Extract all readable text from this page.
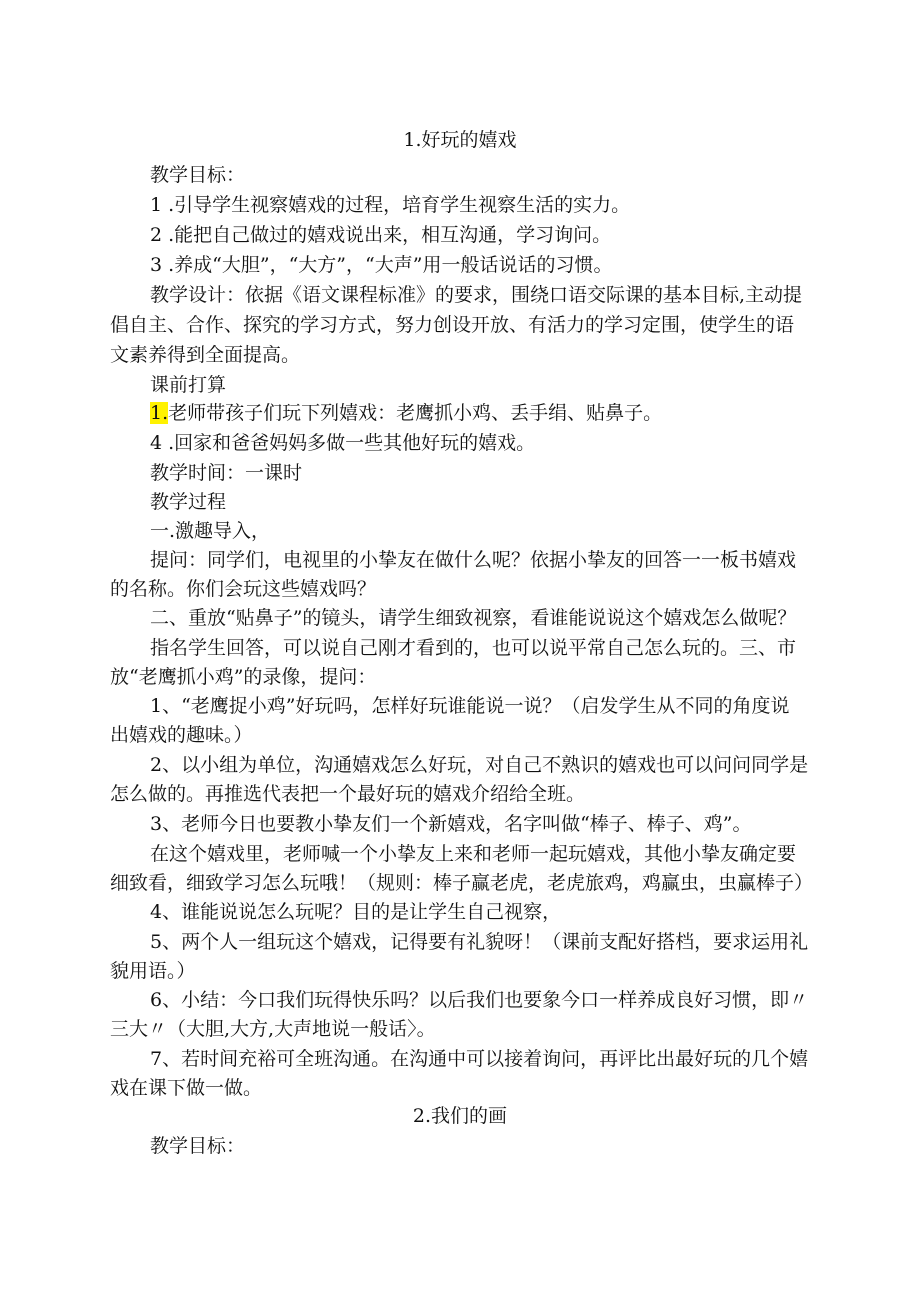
1.好玩的嬉戏
教学目标：
1 .引导学生视察嬉戏的过程，培育学生视察生活的实力。
2 .能把自己做过的嬉戏说出来，相互沟通，学习询问。
3 .养成“大胆”，“大方”，“大声”用一般话说话的习惯。
教学设计：依据《语文课程标准》的要求，围绕口语交际课的基本目标,主动提
倡自主、合作、探究的学习方式，努力创设开放、有活力的学习定围，使学生的语
文素养得到全面提高。
课前打算
1.老师带孩子们玩下列嬉戏：老鹰抓小鸡、丢手绢、贴鼻子。
4 .回家和爸爸妈妈多做一些其他好玩的嬉戏。
教学时间：一课时
教学过程
一.激趣导入，
提问：同学们，电视里的小挚友在做什么呢？依据小挚友的回答一一板书嬉戏
的名称。你们会玩这些嬉戏吗？
二、重放“贴鼻子”的镜头，请学生细致视察，看谁能说说这个嬉戏怎么做呢？
指名学生回答，可以说自己刚才看到的，也可以说平常自己怎么玩的。三、市
放“老鹰抓小鸡”的录像，提问：
1、“老鹰捉小鸡”好玩吗，怎样好玩谁能说一说？（启发学生从不同的角度说
出嬉戏的趣味。）
2、以小组为单位，沟通嬉戏怎么好玩，对自己不熟识的嬉戏也可以问问同学是
怎么做的。再推选代表把一个最好玩的嬉戏介绍给全班。
3、老师今日也要教小挚友们一个新嬉戏，名字叫做“棒子、棒子、鸡”。
在这个嬉戏里，老师喊一个小挚友上来和老师一起玩嬉戏，其他小挚友确定要
细致看，细致学习怎么玩哦！（规则：棒子赢老虎，老虎旅鸡，鸡赢虫，虫赢棒子）
4、谁能说说怎么玩呢？目的是让学生自己视察，
5、两个人一组玩这个嬉戏，记得要有礼貌呀！（课前支配好搭档，要求运用礼
貌用语。）
6、小结：今口我们玩得快乐吗？以后我们也要象今口一样养成良好习惯，即〃
三大〃（大胆,大方,大声地说一般话〉。
7、若时间充裕可全班沟通。在沟通中可以接着询问，再评比出最好玩的几个嬉
戏在课下做一做。
2.我们的画
教学目标：
